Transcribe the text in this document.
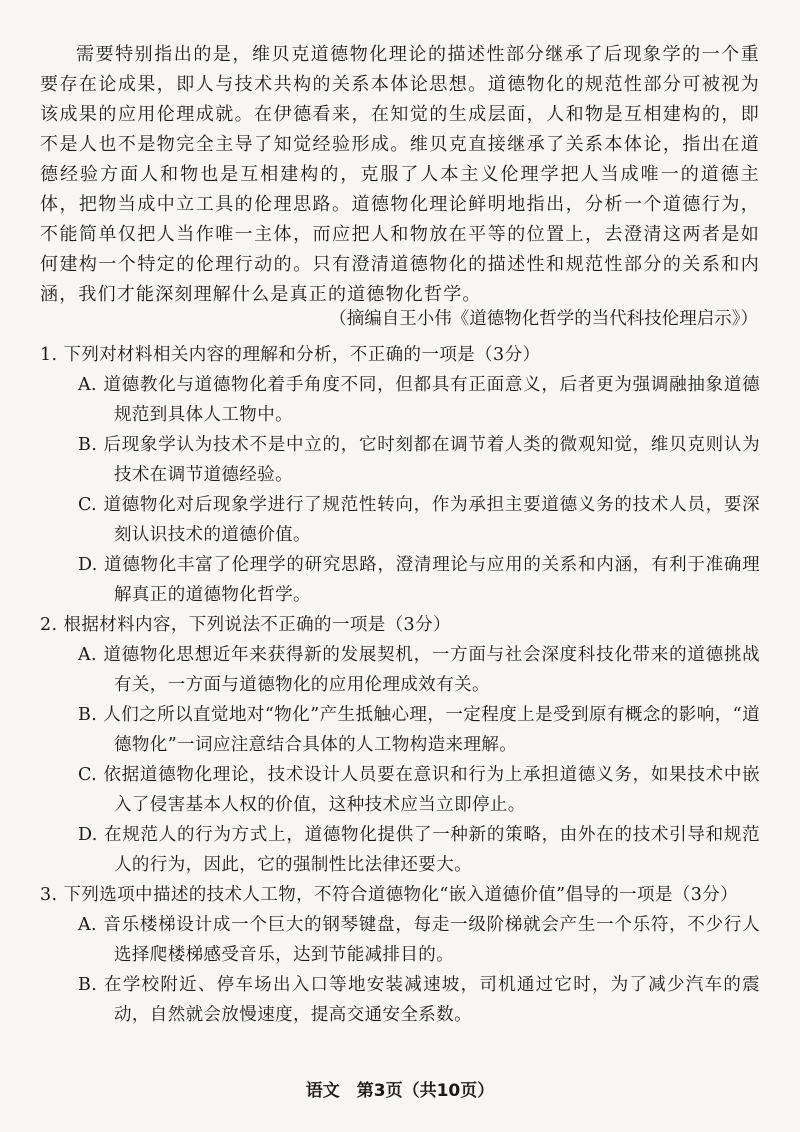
需要特别指出的是，维贝克道德物化理论的描述性部分继承了后现象学的一个重要存在论成果，即人与技术共构的关系本体论思想。道德物化的规范性部分可被视为该成果的应用伦理成就。在伊德看来，在知觉的生成层面，人和物是互相建构的，即不是人也不是物完全主导了知觉经验形成。维贝克直接继承了关系本体论，指出在道德经验方面人和物也是互相建构的，克服了人本主义伦理学把人当成唯一的道德主体，把物当成中立工具的伦理思路。道德物化理论鲜明地指出，分析一个道德行为，不能简单仅把人当作唯一主体，而应把人和物放在平等的位置上，去澄清这两者是如何建构一个特定的伦理行动的。只有澄清道德物化的描述性和规范性部分的关系和内涵，我们才能深刻理解什么是真正的道德物化哲学。

（摘编自王小伟《道德物化哲学的当代科技伦理启示》）
1. 下列对材料相关内容的理解和分析，不正确的一项是（3分）
A. 道德教化与道德物化着手角度不同，但都具有正面意义，后者更为强调融抽象道德规范到具体人工物中。
B. 后现象学认为技术不是中立的，它时刻都在调节着人类的微观知觉，维贝克则认为技术在调节道德经验。
C. 道德物化对后现象学进行了规范性转向，作为承担主要道德义务的技术人员，要深刻认识技术的道德价值。
D. 道德物化丰富了伦理学的研究思路，澄清理论与应用的关系和内涵，有利于准确理解真正的道德物化哲学。
2. 根据材料内容，下列说法不正确的一项是（3分）
A. 道德物化思想近年来获得新的发展契机，一方面与社会深度科技化带来的道德挑战有关，一方面与道德物化的应用伦理成效有关。
B. 人们之所以直觉地对“物化”产生抵触心理，一定程度上是受到原有概念的影响，“道德物化”一词应注意结合具体的人工物构造来理解。
C. 依据道德物化理论，技术设计人员要在意识和行为上承担道德义务，如果技术中嵌入了侵害基本人权的价值，这种技术应当立即停止。
D. 在规范人的行为方式上，道德物化提供了一种新的策略，由外在的技术引导和规范人的行为，因此，它的强制性比法律还要大。
3. 下列选项中描述的技术人工物，不符合道德物化“嵌入道德价值”倡导的一项是（3分）
A. 音乐楼梯设计成一个巨大的钢琴键盘，每走一级阶梯就会产生一个乐符，不少行人选择爬楼梯感受音乐，达到节能减排目的。
B. 在学校附近、停车场出入口等地安装减速坡，司机通过它时，为了减少汽车的震动，自然就会放慢速度，提高交通安全系数。
语文　第3页（共10页）
